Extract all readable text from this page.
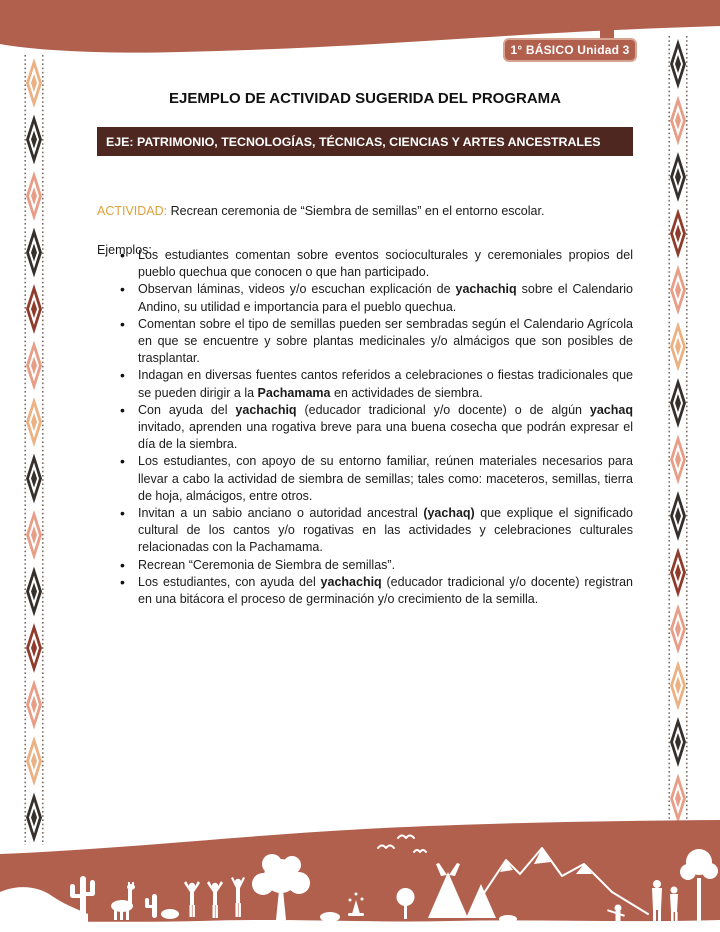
1° BÁSICO Unidad 3
EJEMPLO DE ACTIVIDAD SUGERIDA DEL PROGRAMA
EJE: PATRIMONIO, TECNOLOGÍAS, TÉCNICAS, CIENCIAS Y ARTES ANCESTRALES

ACTIVIDAD: Recrean ceremonia de “Siembra de semillas” en el entorno escolar.

Ejemplos:

• Los estudiantes comentan sobre eventos socioculturales y ceremoniales propios del pueblo quechua que conocen o que han participado.
• Observan láminas, videos y/o escuchan explicación de yachachiq sobre el Calendario Andino, su utilidad e importancia para el pueblo quechua.
• Comentan sobre el tipo de semillas pueden ser sembradas según el Calendario Agrícola en que se encuentre y sobre plantas medicinales y/o almácigos que son posibles de trasplantar.
• Indagan en diversas fuentes cantos referidos a celebraciones o fiestas tradicionales que se pueden dirigir a la Pachamama en actividades de siembra.
• Con ayuda del yachachiq (educador tradicional y/o docente) o de algún yachaq invitado, aprenden una rogativa breve para una buena cosecha que podrán expresar el día de la siembra.
• Los estudiantes, con apoyo de su entorno familiar, reúnen materiales necesarios para llevar a cabo la actividad de siembra de semillas; tales como: maceteros, semillas, tierra de hoja, almácigos, entre otros.
• Invitan a un sabio anciano o autoridad ancestral (yachaq) que explique el significado cultural de los cantos y/o rogativas en las actividades y celebraciones culturales relacionadas con la Pachamama.
• Recrean “Ceremonia de Siembra de semillas”.
• Los estudiantes, con ayuda del yachachiq (educador tradicional y/o docente) registran en una bitácora el proceso de germinación y/o crecimiento de la semilla.
